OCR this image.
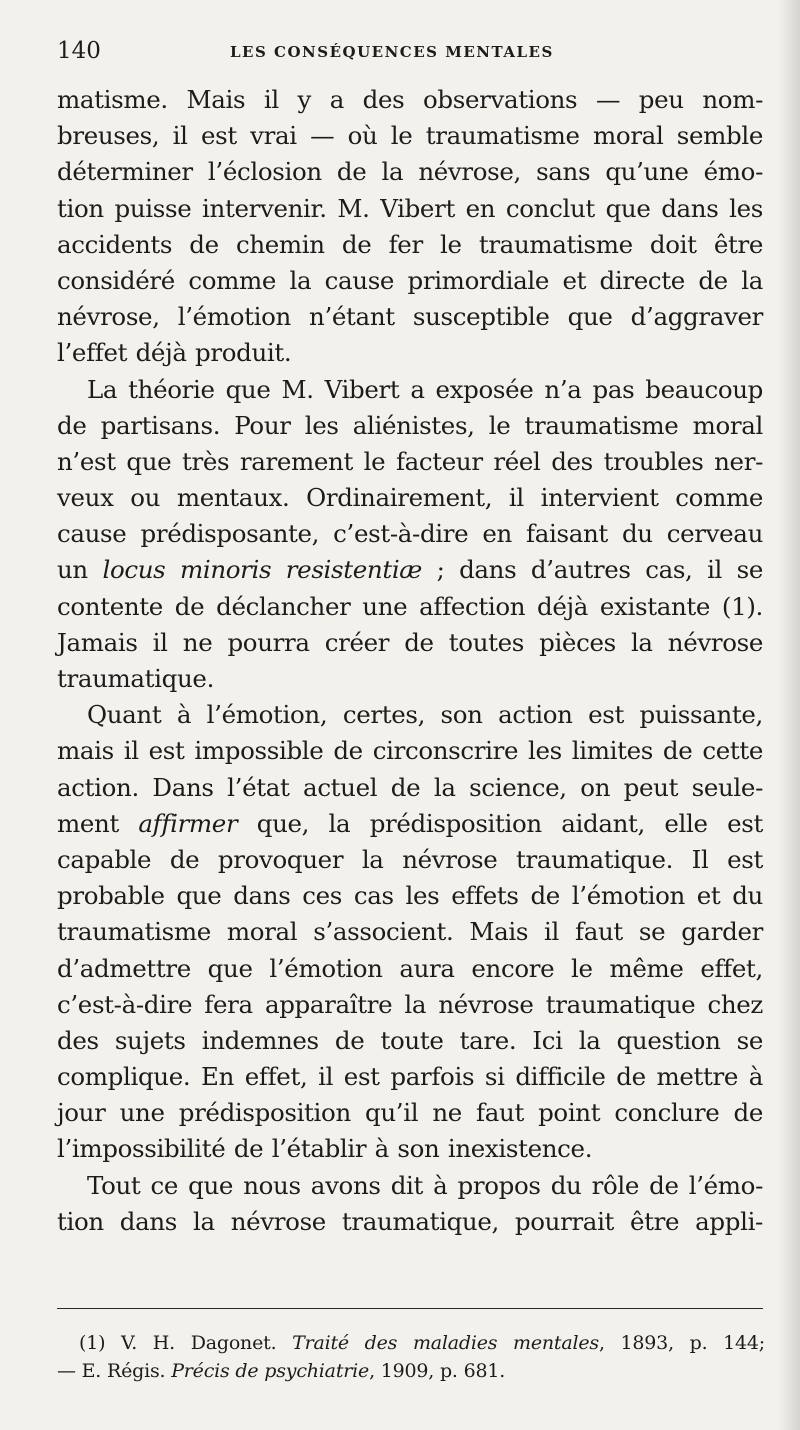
140	LES CONSÉQUENCES MENTALES
matisme. Mais il y a des observations — peu nom-
breuses, il est vrai — où le traumatisme moral semble
déterminer l’éclosion de la névrose, sans qu’une émo-
tion puisse intervenir. M. Vibert en conclut que dans les
accidents de chemin de fer le traumatisme doit être
considéré comme la cause primordiale et directe de la
névrose, l’émotion n’étant susceptible que d’aggraver
l’effet déjà produit.
La théorie que M. Vibert a exposée n’a pas beaucoup
de partisans. Pour les aliénistes, le traumatisme moral
n’est que très rarement le facteur réel des troubles ner-
veux ou mentaux. Ordinairement, il intervient comme
cause prédisposante, c’est-à-dire en faisant du cerveau
un locus minoris resistentiæ ; dans d’autres cas, il se
contente de déclancher une affection déjà existante (1).
Jamais il ne pourra créer de toutes pièces la névrose
traumatique.
Quant à l’émotion, certes, son action est puissante,
mais il est impossible de circonscrire les limites de cette
action. Dans l’état actuel de la science, on peut seule-
ment affirmer que, la prédisposition aidant, elle est
capable de provoquer la névrose traumatique. Il est
probable que dans ces cas les effets de l’émotion et du
traumatisme moral s’associent. Mais il faut se garder
d’admettre que l’émotion aura encore le même effet,
c’est-à-dire fera apparaître la névrose traumatique chez
des sujets indemnes de toute tare. Ici la question se
complique. En effet, il est parfois si difficile de mettre à
jour une prédisposition qu’il ne faut point conclure de
l’impossibilité de l’établir à son inexistence.
Tout ce que nous avons dit à propos du rôle de l’émo-
tion dans la névrose traumatique, pourrait être appli-
(1) V. H. Dagonet. Traité des maladies mentales, 1893, p. 144;
— E. Régis. Précis de psychiatrie, 1909, p. 681.
